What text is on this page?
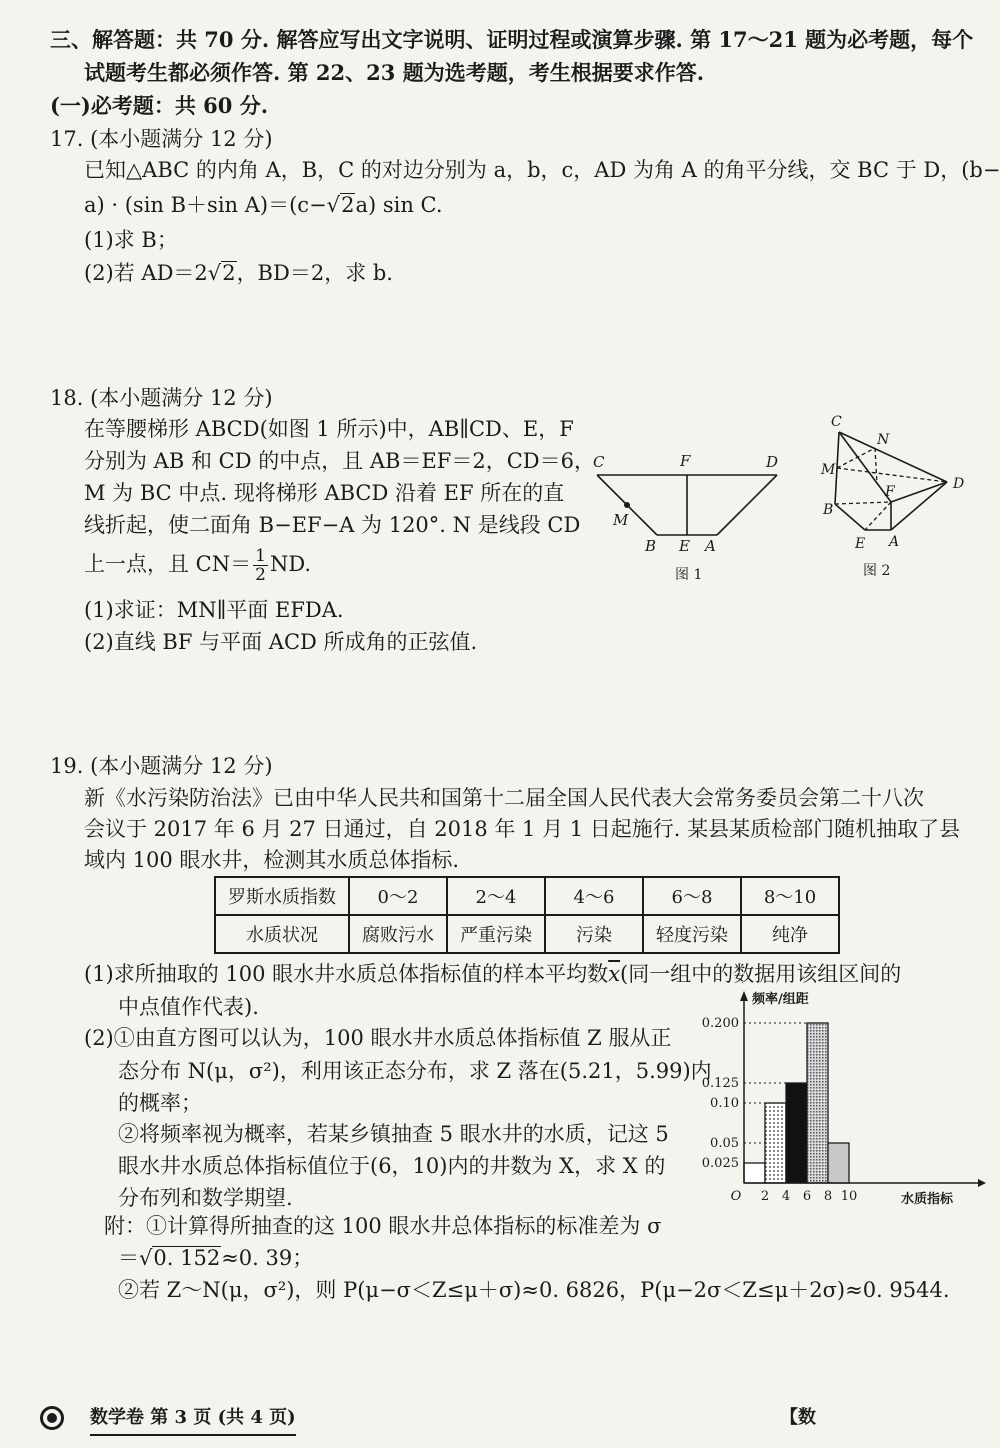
三、解答题：共 70 分. 解答应写出文字说明、证明过程或演算步骤. 第 17～21 题为必考题，每个
试题考生都必须作答. 第 22、23 题为选考题，考生根据要求作答.
(一)必考题：共 60 分.
17. (本小题满分 12 分)
已知△ABC 的内角 A，B，C 的对边分别为 a，b，c，AD 为角 A 的角平分线，交 BC 于 D，(b−
a) · (sin B＋sin A)＝(c−√2a) sin C.
(1)求 B；
(2)若 AD＝2√2，BD＝2，求 b.
18. (本小题满分 12 分)
在等腰梯形 ABCD(如图 1 所示)中，AB∥CD、E，F
分别为 AB 和 CD 的中点，且 AB＝EF＝2，CD＝6，
M 为 BC 中点. 现将梯形 ABCD 沿着 EF 所在的直
线折起，使二面角 B−EF−A 为 120°. N 是线段 CD
上一点，且 $CN= \frac{1}{2}$ ND.
(1)求证：MN∥平面 EFDA.
(2)直线 BF 与平面 ACD 所成角的正弦值.
C	F	D
M
B E A
图 1
C
N
M
F	D
B
E A
图 2
19. (本小题满分 12 分)
新《水污染防治法》已由中华人民共和国第十二届全国人民代表大会常务委员会第二十八次
会议于 2017 年 6 月 27 日通过，自 2018 年 1 月 1 日起施行. 某县某质检部门随机抽取了县
域内 100 眼水井，检测其水质总体指标.
罗斯水质指数	0～2	2～4	4～6	6～8	8～10
水质状况	腐败污水	严重污染	污染	轻度污染	纯净
(1)求所抽取的 100 眼水井水质总体指标值的样本平均数$\overline{x}$(同一组中的数据用该组区间的
中点值作代表).
(2)①由直方图可以认为，100 眼水井水质总体指标值 Z 服从正
态分布 N(μ，σ²)，利用该正态分布，求 Z 落在(5.21，5.99)内
的概率；
②将频率视为概率，若某乡镇抽查 5 眼水井的水质，记这 5
眼水井水质总体指标值位于(6，10)内的井数为 X，求 X 的
分布列和数学期望.
附：①计算得所抽查的这 100 眼水井总体指标的标准差为 σ
＝√0. 152≈0. 39；
②若 Z～N(μ，σ²)，则 P(μ−σ＜Z≤μ＋σ)≈0. 6826，P(μ−2σ＜Z≤μ＋2σ)≈0. 9544.
0.025
0.05
0.10
0.125
0.200
O 2 4 6 8 10
频率/组距
水质指标
数学卷 第 3 页 (共 4 页)	【数
